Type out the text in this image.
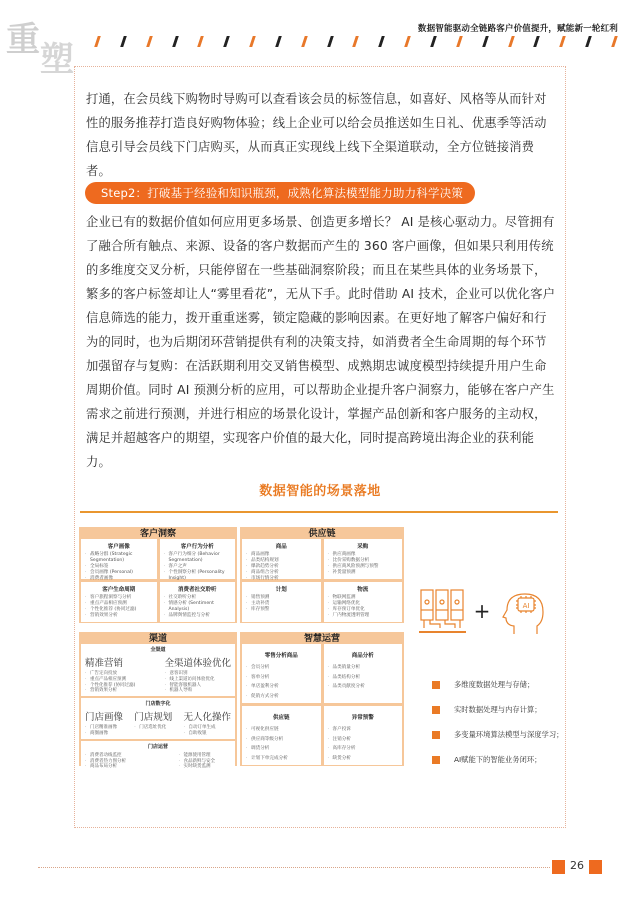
重 塑
数据智能驱动全链路客户价值提升，赋能新一轮红利

打通，在会员线下购物时导购可以查看该会员的标签信息，如喜好、风格等从而针对性的服务推荐打造良好购物体验；线上企业可以给会员推送如生日礼、优惠季等活动信息引导会员线下门店购买，从而真正实现线上线下全渠道联动，全方位链接消费者。

Step2：打破基于经验和知识瓶颈，成熟化算法模型能力助力科学决策

企业已有的数据价值如何应用更多场景、创造更多增长？ AI 是核心驱动力。尽管拥有了融合所有触点、来源、设备的客户数据而产生的 360 客户画像，但如果只利用传统的多维度交叉分析，只能停留在一些基础洞察阶段；而且在某些具体的业务场景下，繁多的客户标签却让人“雾里看花”，无从下手。此时借助 AI 技术，企业可以优化客户信息筛选的能力，拨开重重迷雾，锁定隐藏的影响因素。在更好地了解客户偏好和行为的同时，也为后期闭环营销提供有利的决策支持，如消费者全生命周期的每个环节加强留存与复购：在活跃期利用交叉销售模型、成熟期忠诚度模型持续提升用户生命周期价值。同时 AI 预测分析的应用，可以帮助企业提升客户洞察力，能够在客户产生需求之前进行预测，并进行相应的场景化设计，掌握产品创新和客户服务的主动权，满足并超越客户的期望，实现客户价值的最大化，同时提高跨境出海企业的获利能力。

数据智能的场景落地
客户洞察
客户画像
· 战略分群 (Strategic Segmentation)
· 全局标签
· 会员画像 (Personal)
· 消费者画像
客户行为分析
· 客户行为细分 (Behavior Segmentation)
· 客户之声
· 个性洞察分析 (Personality Insight)
客户生命周期
· 客户旅程洞察与分析
· 重点产品相应预测
· 个性化推荐 (协同过滤)
· 营销效果分析
消费者社交聆听
· 社交聆听分析
· 情感分析 (Sentiment Analysis)
· 品牌舆情监控与分析
供应链
商品
· 商品画像
· 品类结构规划
· 爆款趋势分析
· 商品组合分析
· 市场行情分析
采购
· 供应商画像
· 比价采购数据分析
· 供应商风险预测与预警
· 补货量预测
计划
· 销售预测
· 主动补货
· 库存预警
物流
· 物联网监测
· 运输网络优化
· 库存预订单优化
· 厂内物流透明管理
渠道
全渠道
精准营销
· 广告定向投放
· 重点产品相应预测
· 个性化推荐 (协同过滤)
· 营销效果分析
全渠道体验优化
· 意客识别
· 线上渠道访问体验优化
· 智能客服机器人
· 机器人导购
门店数字化
门店画像
· 门店精准画像
· 商圈画像
门店规划
· 门店选址优化
无人化操作
· 自动订单生成
· 自助收银
门店运营
· 消费者动线监控
· 消费者热力图分析
· 商品布局分析
· 能源使用管理
· 食品新鲜与安全
· 实时缺货监测
智慧运营
零售分析商品
· 会员分析
· 客单分析
· 单店盈利分析
· 促销方式分析
商品分析
· 品类销量分析
· 品类结构分析
· 品类贡献度分析
供应链
· 可视化供应链
· 供应商等级分析
· 调货分析
· 计划下单完成分析
异常预警
· 客户投诉
· 注销分析
· 高库存分析
· 缺货分析
AI
+
多维度数据处理与存储；
实时数据处理与内存计算；
多变量环境算法模型与深度学习；
AI赋能下的智能业务闭环；
26
